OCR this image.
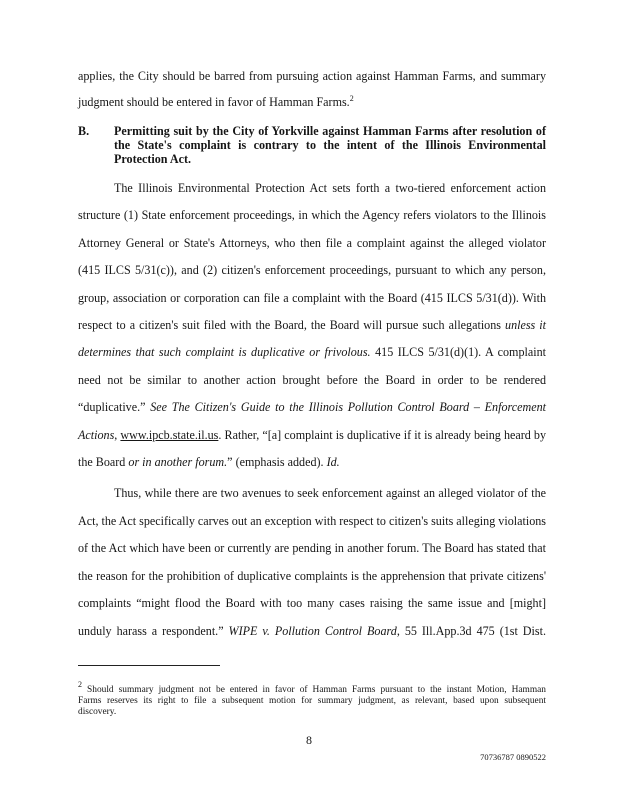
applies, the City should be barred from pursuing action against Hamman Farms, and summary
judgment should be entered in favor of Hamman Farms.$^2$
B. Permitting suit by the City of Yorkville against Hamman Farms after resolution of
the State's complaint is contrary to the intent of the Illinois Environmental
Protection Act.
The Illinois Environmental Protection Act sets forth a two-tiered enforcement action
structure (1) State enforcement proceedings, in which the Agency refers violators to the Illinois
Attorney General or State's Attorneys, who then file a complaint against the alleged violator
(415 ILCS 5/31(c)), and (2) citizen's enforcement proceedings, pursuant to which any person,
group, association or corporation can file a complaint with the Board (415 ILCS 5/31(d)). With
respect to a citizen's suit filed with the Board, the Board will pursue such allegations unless it
determines that such complaint is duplicative or frivolous. 415 ILCS 5/31(d)(1). A complaint
need not be similar to another action brought before the Board in order to be rendered
“duplicative.” See The Citizen's Guide to the Illinois Pollution Control Board – Enforcement
Actions, www.ipcb.state.il.us. Rather, “[a] complaint is duplicative if it is already being heard by
the Board or in another forum.” (emphasis added). Id.
Thus, while there are two avenues to seek enforcement against an alleged violator of the
Act, the Act specifically carves out an exception with respect to citizen's suits alleging violations
of the Act which have been or currently are pending in another forum. The Board has stated that
the reason for the prohibition of duplicative complaints is the apprehension that private citizens'
complaints “might flood the Board with too many cases raising the same issue and [might]
unduly harass a respondent.” WIPE v. Pollution Control Board, 55 Ill.App.3d 475 (1st Dist.
$^2$ Should summary judgment not be entered in favor of Hamman Farms pursuant to the instant Motion, Hamman
Farms reserves its right to file a subsequent motion for summary judgment, as relevant, based upon subsequent
discovery.
8
70736787 0890522
